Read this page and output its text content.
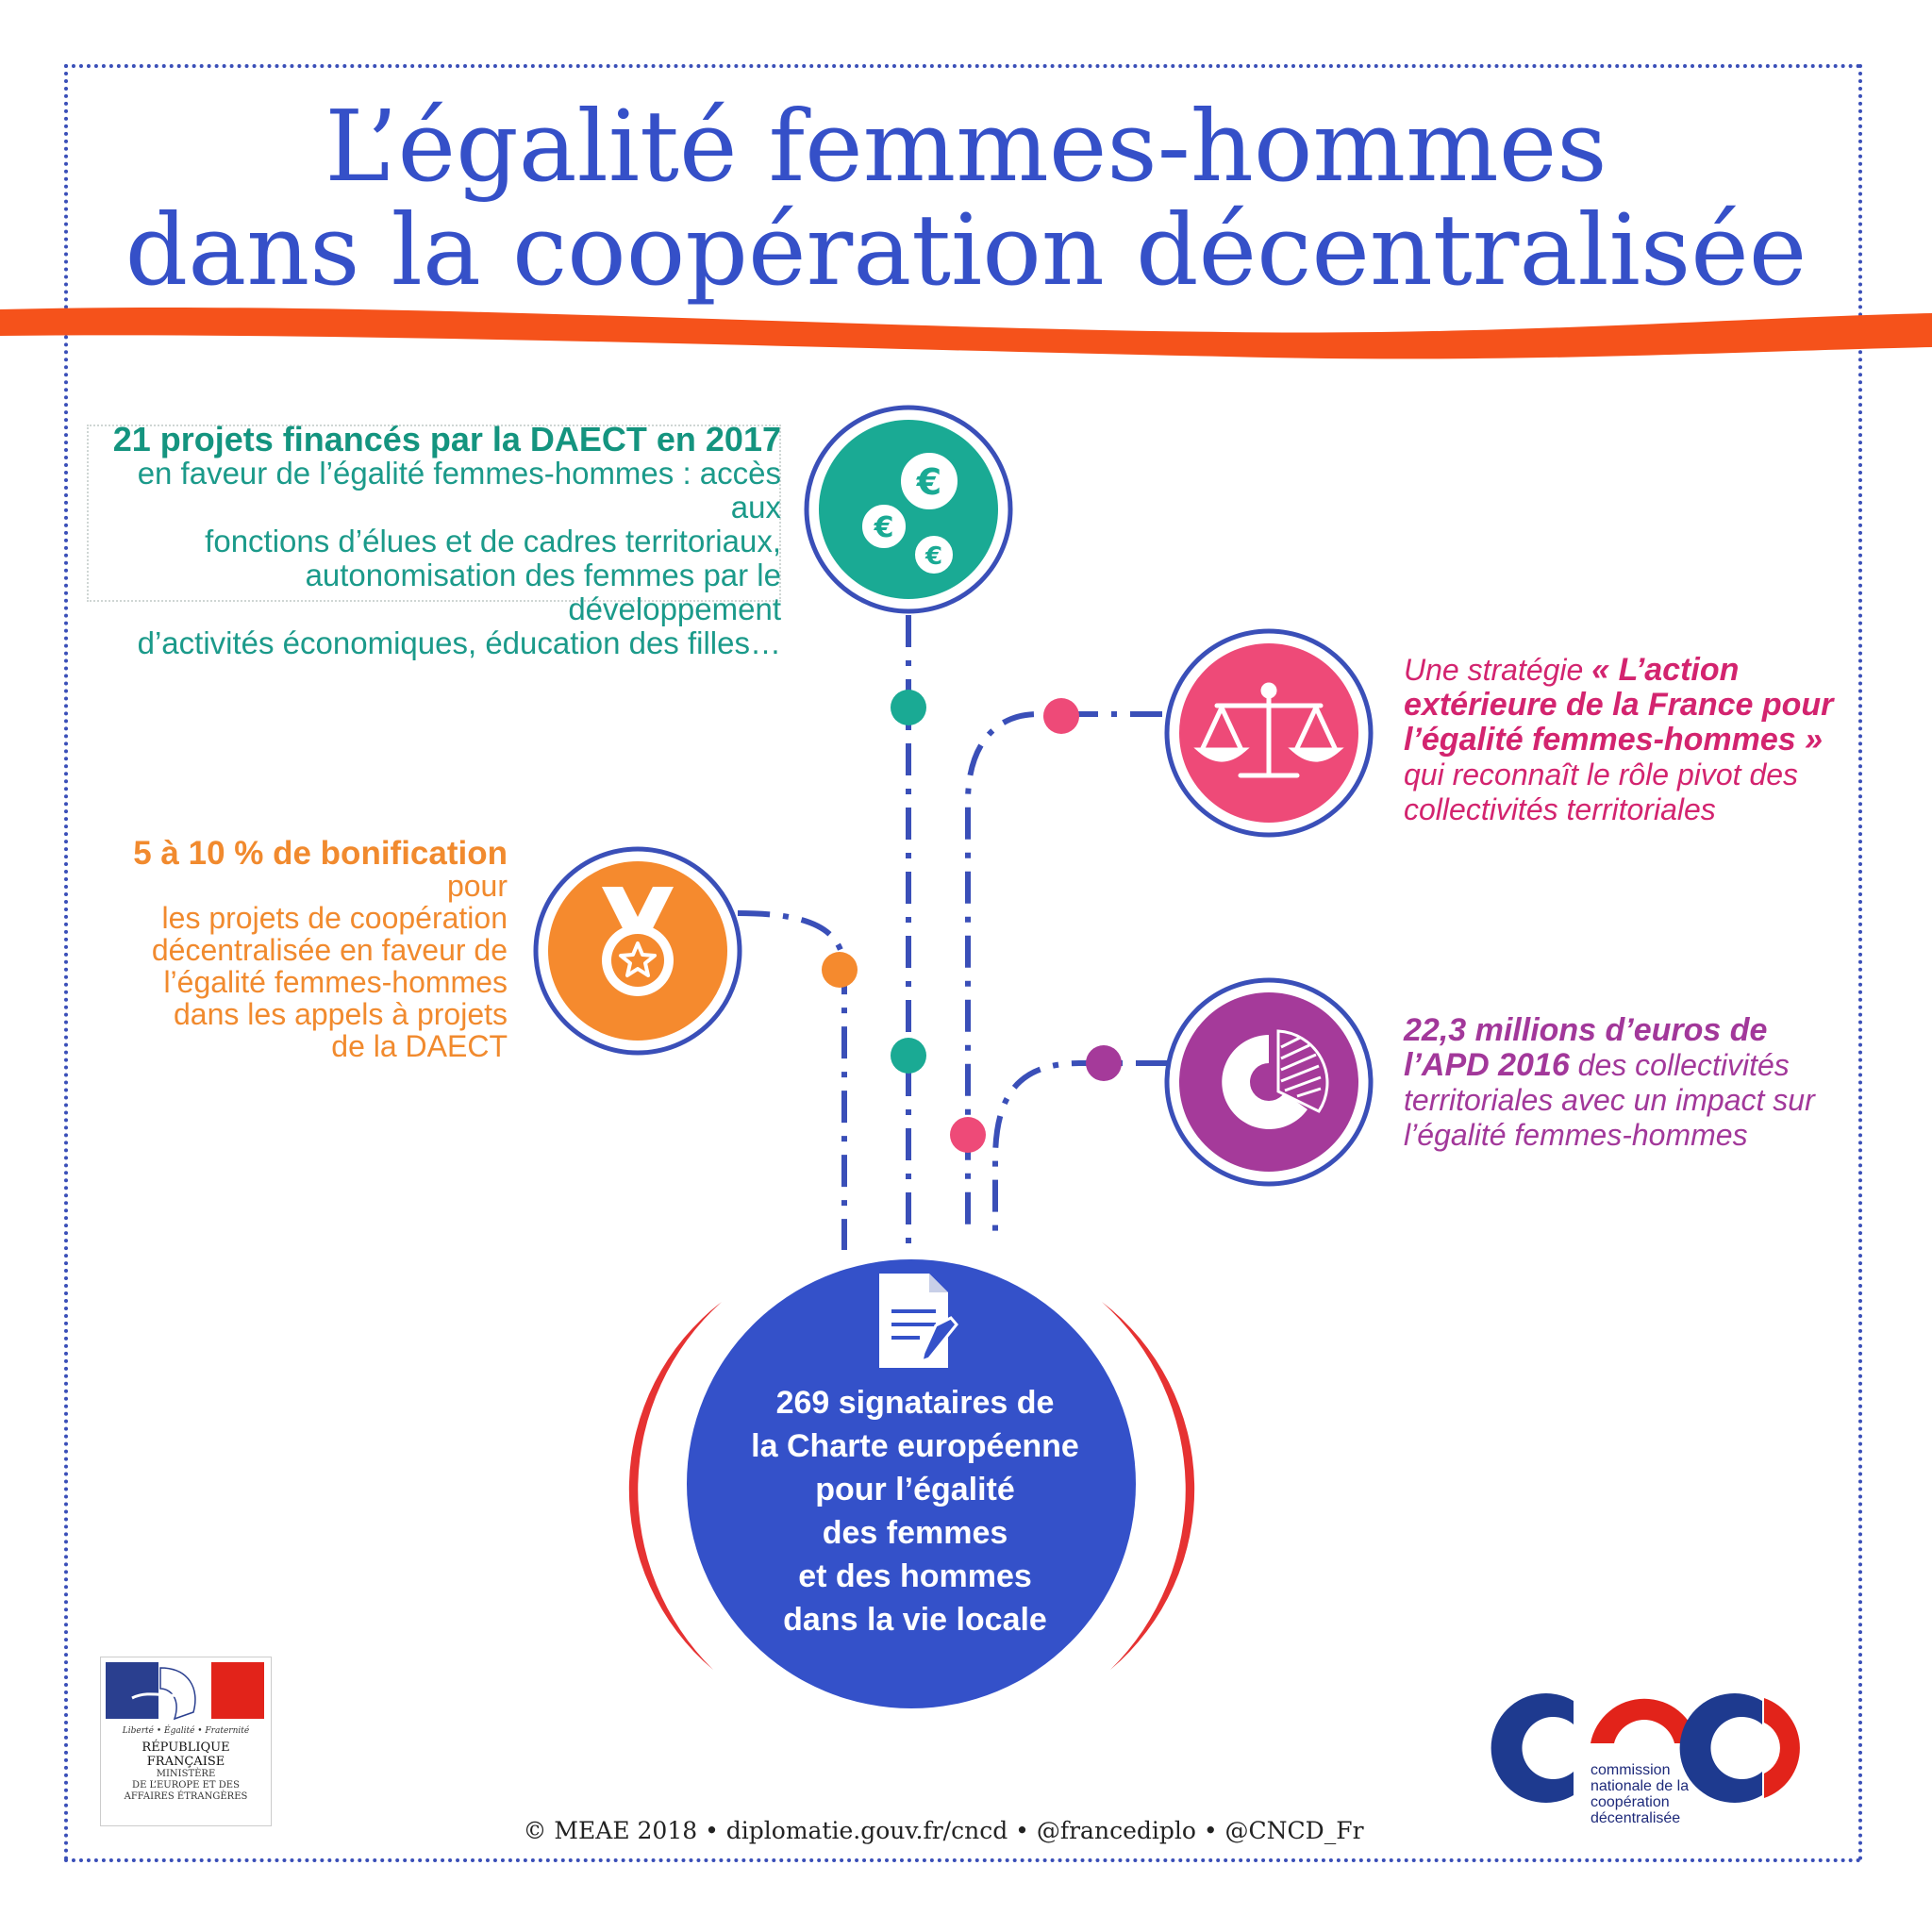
L’égalité femmes-hommes
dans la coopération décentralisée
€
€
€
21 projets financés par la DAECT en 2017
en faveur de l’égalité femmes-hommes : accès aux
fonctions d’élues et de cadres territoriaux,
autonomisation des femmes par le développement
d’activités économiques, éducation des filles…
5 à 10 % de bonification pour
les projets de coopération
décentralisée en faveur de
l’égalité femmes-hommes
dans les appels à projets
de la DAECT
Une stratégie « L’action
extérieure de la France pour
l’égalité femmes-hommes »
qui reconnaît le rôle pivot des
collectivités territoriales
22,3 millions d’euros de
l’APD 2016 des collectivités
territoriales avec un impact sur
l’égalité femmes-hommes
269 signataires de
la Charte européenne
pour l’égalité
des femmes
et des hommes
dans la vie locale
Liberté • Égalité • Fraternité
RÉPUBLIQUE FRANÇAISE
MINISTÈRE
DE L’EUROPE ET DES
AFFAIRES ÉTRANGÈRES
commission
nationale de la
coopération
décentralisée
© MEAE 2018 • diplomatie.gouv.fr/cncd • @francediplo • @CNCD_Fr
